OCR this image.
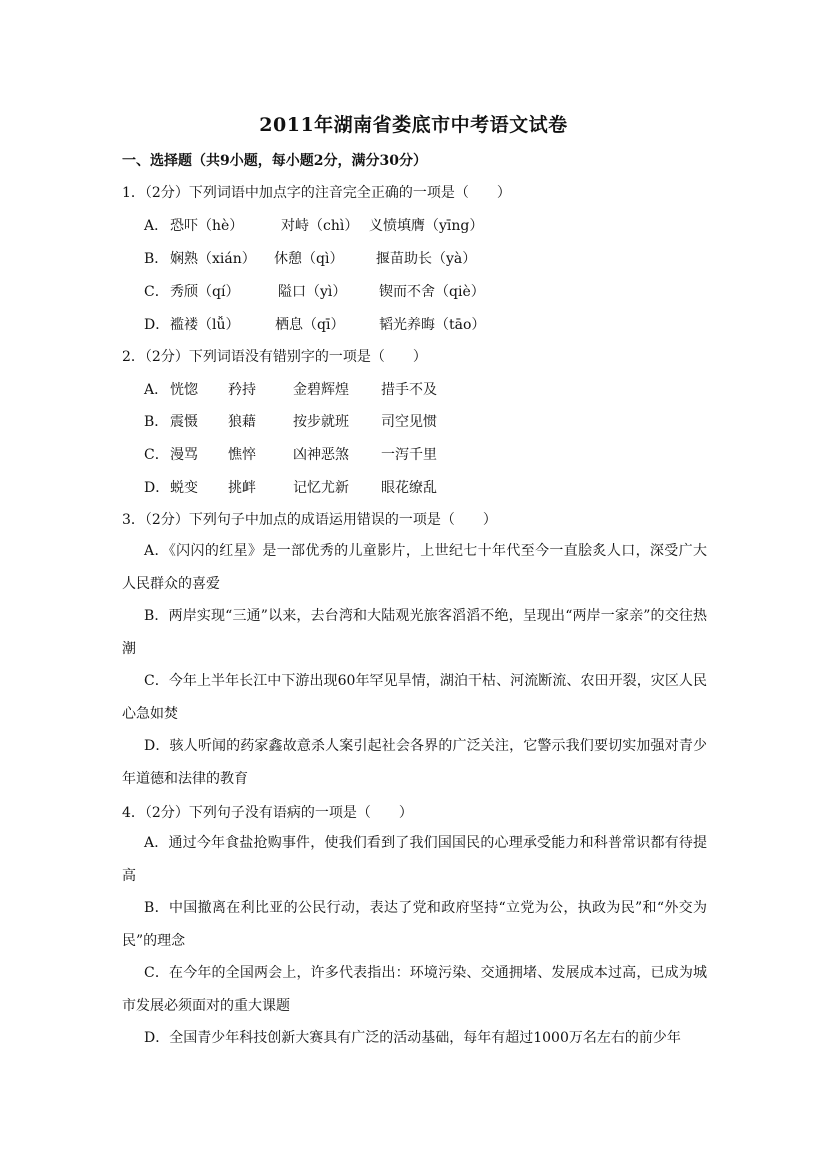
2011年湖南省娄底市中考语文试卷
一、选择题（共9小题，每小题2分，满分30分）
1．（2分）下列词语中加点字的注音完全正确的一项是（　　）
A． 恐吓（hè）	对峙（chì） 义愤填膺（yīng）
B． 娴熟（xián） 休憩（qì） 揠苗助长（yà）
C． 秀颀（qí）	隘口（yì） 锲而不舍（qiè）
D． 褴褛（lǚ）	栖息（qī） 韬光养晦（tāo）
2．（2分）下列词语没有错别字的一项是（　　）
A． 恍惚 矜持	金碧辉煌 措手不及
B． 震慑 狼藉	按步就班 司空见惯
C． 漫骂 憔悴	凶神恶煞 一泻千里
D． 蜕变 挑衅	记忆尤新 眼花缭乱
3．（2分）下列句子中加点的成语运用错误的一项是（　　）
A．《闪闪的红星》是一部优秀的儿童影片，上世纪七十年代至今一直脍炙人口，深受广大人民群众的喜爱
B．两岸实现“三通”以来，去台湾和大陆观光旅客滔滔不绝，呈现出“两岸一家亲”的交往热潮
C．今年上半年长江中下游出现60年罕见旱情，湖泊干枯、河流断流、农田开裂，灾区人民心急如焚
D．骇人听闻的药家鑫故意杀人案引起社会各界的广泛关注，它警示我们要切实加强对青少年道德和法律的教育
4．（2分）下列句子没有语病的一项是（　　）
A．通过今年食盐抢购事件，使我们看到了我们国国民的心理承受能力和科普常识都有待提高
B．中国撤离在利比亚的公民行动，表达了党和政府坚持“立党为公，执政为民”和“外交为民”的理念
C．在今年的全国两会上，许多代表指出：环境污染、交通拥堵、发展成本过高，已成为城市发展必须面对的重大课题
D．全国青少年科技创新大赛具有广泛的活动基础，每年有超过1000万名左右的前少年
